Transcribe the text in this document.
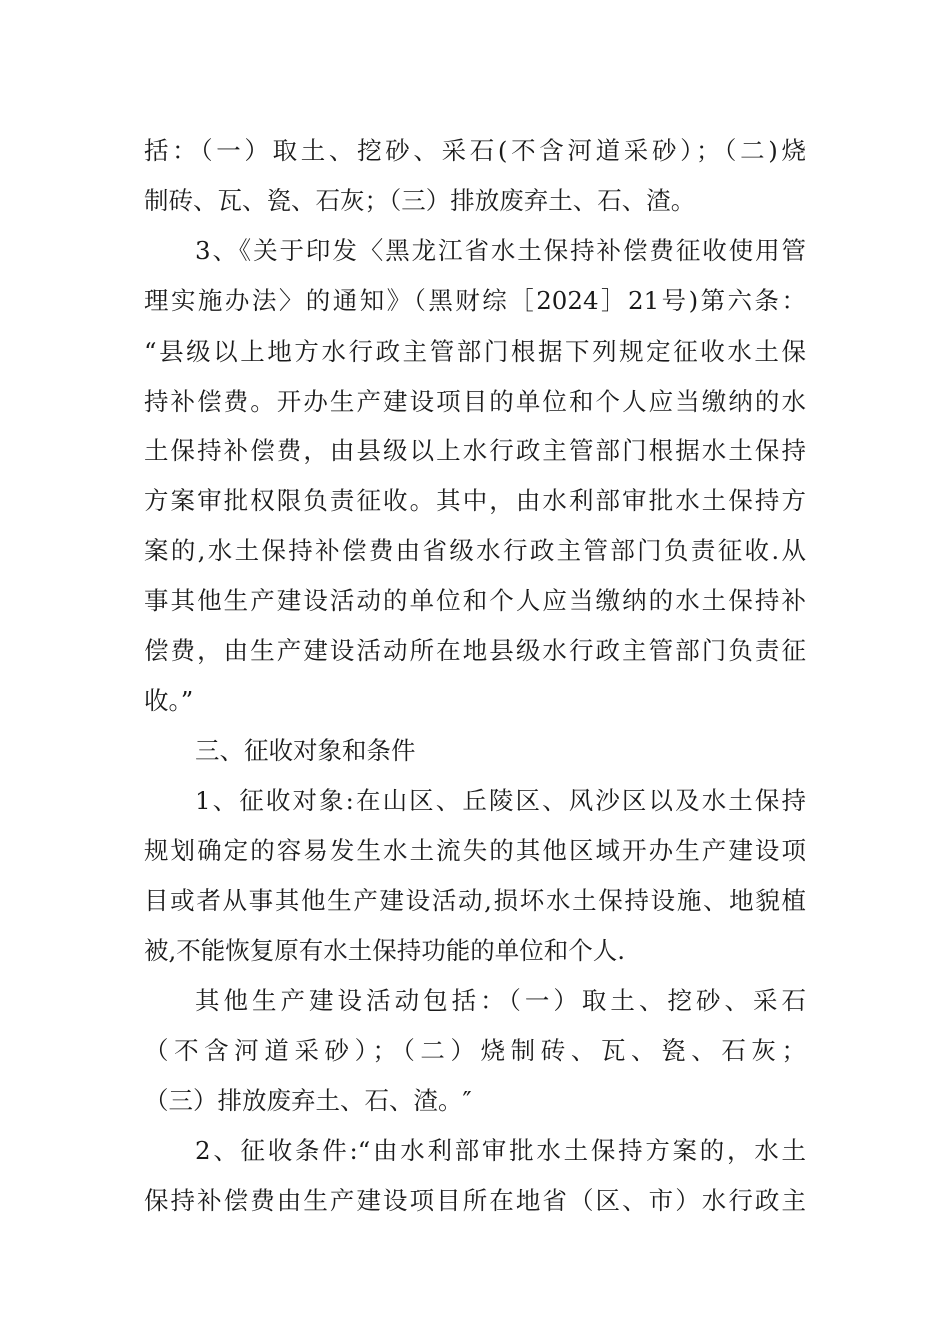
括：（一）取土、挖砂、采石(不含河道采砂）；（二)烧
制砖、瓦、瓷、石灰；（三）排放废弃土、石、渣。
3、《关于印发〈黑龙江省水土保持补偿费征收使用管
理实施办法〉的通知》（黑财综［2024］21号)第六条：
“县级以上地方水行政主管部门根据下列规定征收水土保
持补偿费。开办生产建设项目的单位和个人应当缴纳的水
土保持补偿费，由县级以上水行政主管部门根据水土保持
方案审批权限负责征收。其中，由水利部审批水土保持方
案的,水土保持补偿费由省级水行政主管部门负责征收.从
事其他生产建设活动的单位和个人应当缴纳的水土保持补
偿费，由生产建设活动所在地县级水行政主管部门负责征
收。”
三、征收对象和条件
1、征收对象:在山区、丘陵区、风沙区以及水土保持
规划确定的容易发生水土流失的其他区域开办生产建设项
目或者从事其他生产建设活动,损坏水土保持设施、地貌植
被,不能恢复原有水土保持功能的单位和个人.
其他生产建设活动包括：（一）取土、挖砂、采石
（不含河道采砂）；（二）烧制砖、瓦、瓷、石灰；
（三）排放废弃土、石、渣。″
2、征收条件:“由水利部审批水土保持方案的，水土
保持补偿费由生产建设项目所在地省（区、市）水行政主
